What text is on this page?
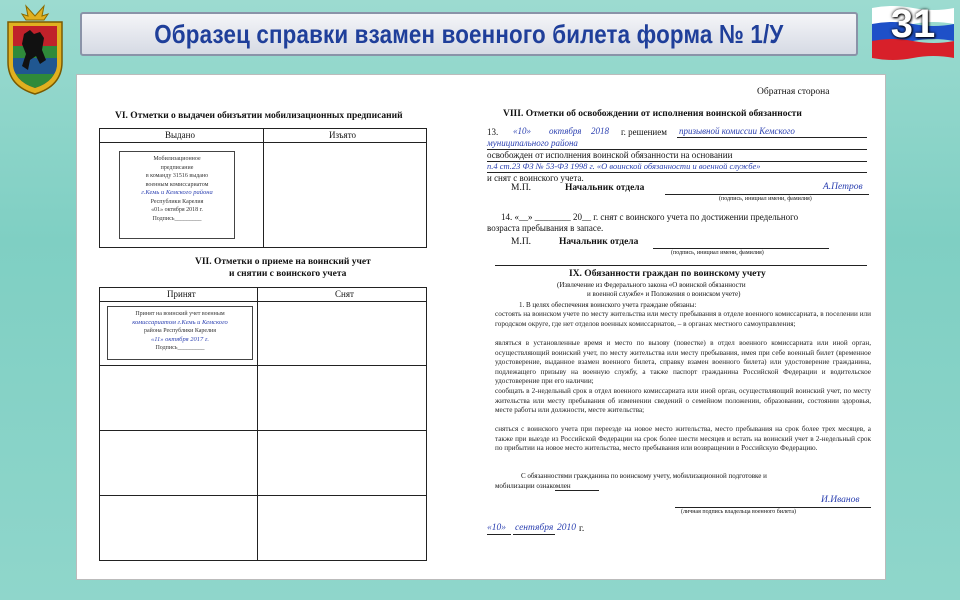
Образец справки взамен военного билета форма № 1/У	31
VI. Отметки о выдачеи обизъятии мобилизационных предписаний
Выдано	Изъято
Мобилизационное
предписание
в команду 31516 выдано
военным комиссариатом
г.Кемь и Кемского района
Республики Карелия
«01» октября 2018 г.
Подпись_________
VII. Отметки о приеме на воинский учет
и снятии с воинского учета
Принят	Снят
Принят на воинский учет военным
комиссариатом г.Кемь и Кемского
района Республики Карелия
«11» октября 2017 г.
Подпись_________
Обратная сторона
VIII. Отметки об освобождении от исполнения воинской обязанности
13. «10» октября 2018 г. решением призывной комиссии Кемского
муниципального района
освобожден от исполнения воинской обязанности на основании
п.4 ст.23 ФЗ № 53-ФЗ 1998 г. «О воинской обязанности и военной службе»
и снят с воинского учета.
М.П.	Начальник отдела	А.Петров
(подпись, инициал имени, фамилия)
14. «__» ________ 20__ г. снят с воинского учета по достижении предельного
возраста пребывания в запасе.
М.П.	Начальник отдела
(подпись, инициал имени, фамилия)
IX. Обязанности граждан по воинскому учету
(Извлечение из Федерального закона «О воинской обязанности
и военной службе» и Положения о воинском учете)
1. В целях обеспечения воинского учета граждане обязаны:
состоять на воинском учете по месту жительства или месту пребывания в отделе военного комиссариата, в поселении или городском округе, где нет отделов военных комиссариатов, – в органах местного самоуправления;
являться в установленные время и место по вызову (повестке) в отдел военного комиссариата или иной орган, осуществляющий воинский учет, по месту жительства или месту пребывания, имея при себе военный билет (временное удостоверение, выданное взамен военного билета, справку взамен военного билета) или удостоверение гражданина, подлежащего призыву на военную службу, а также паспорт гражданина Российской Федерации и водительское удостоверение при его наличии;
сообщать в 2-недельный срок в отдел военного комиссариата или иной орган, осуществляющий воинский учет, по месту жительства или месту пребывания об изменении сведений о семейном положении, образовании, состоянии здоровья, месте работы или должности, месте жительства;
сняться с воинского учета при переезде на новое место жительства, место пребывания на срок более трех месяцев, а также при выезде из Российской Федерации на срок более шести месяцев и встать на воинский учет в 2-недельный срок по прибытии на новое место жительства, место пребывания или возвращении в Российскую Федерацию.
С обязанностями гражданина по воинскому учету, мобилизационной подготовке и
мобилизации ознакомлен
И.Иванов
(личная подпись владельца военного билета)
«10» сентября 2010 г.
